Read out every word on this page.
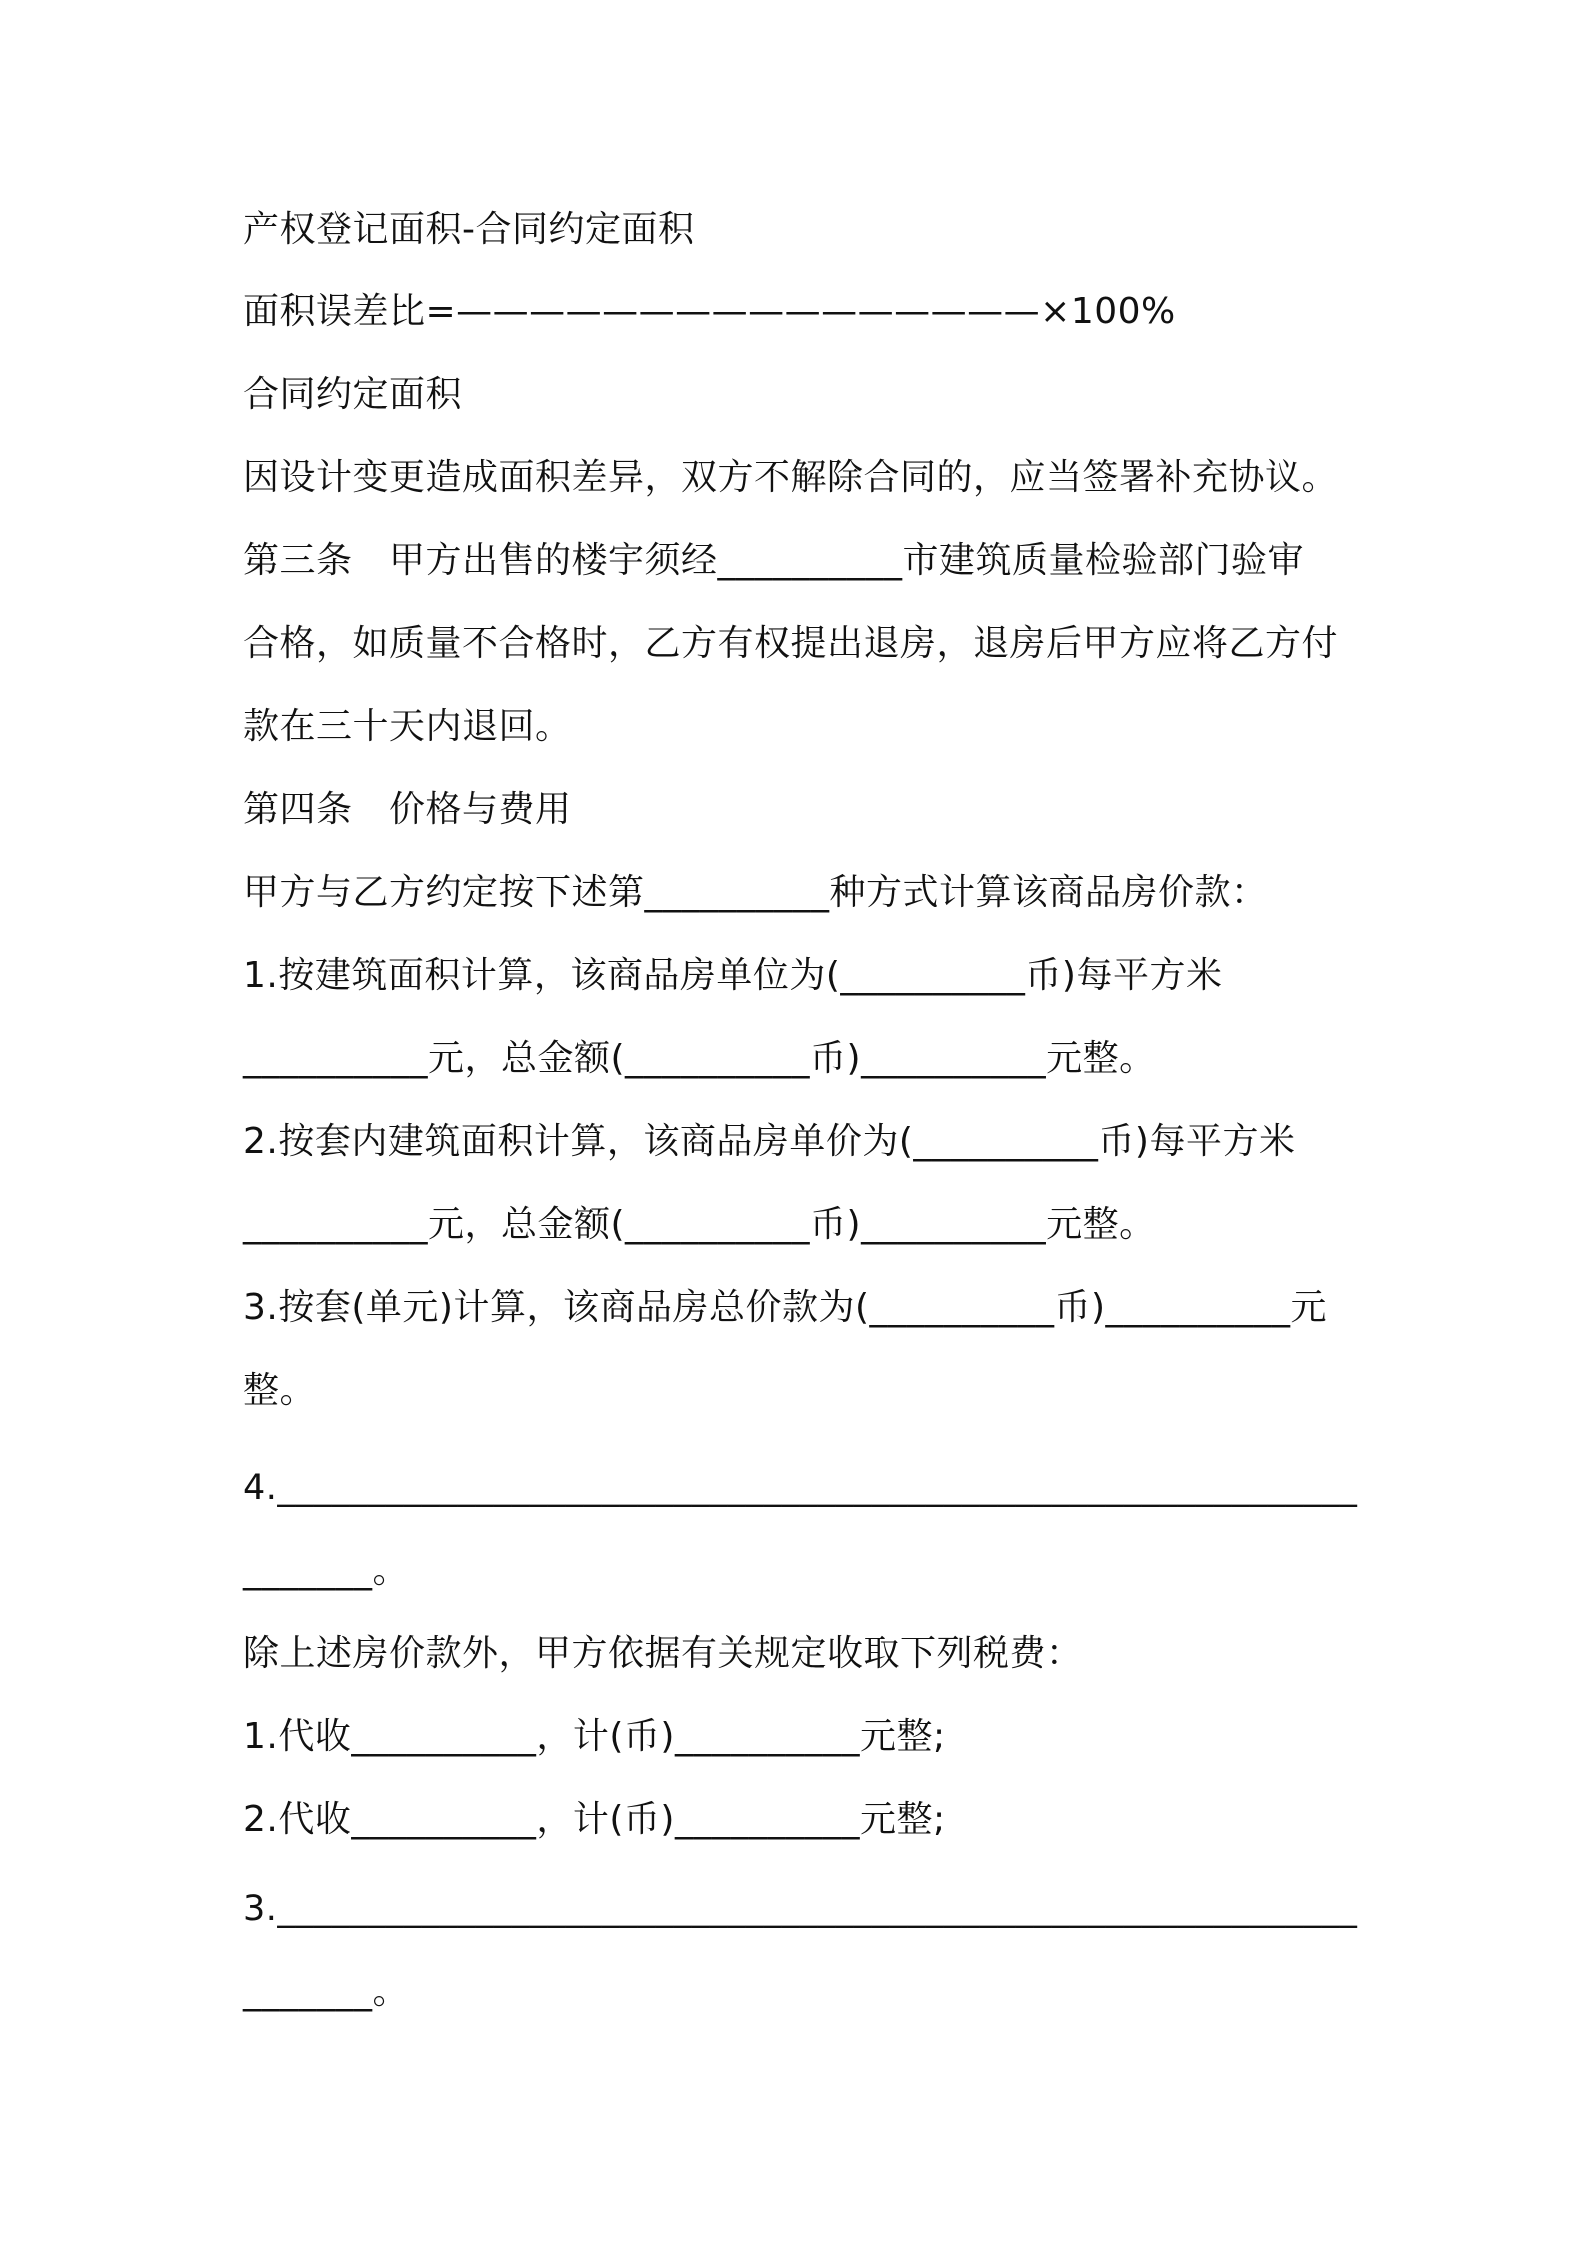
产权登记面积-合同约定面积
面积误差比=————————————————×100%
合同约定面积
因设计变更造成面积差异，双方不解除合同的，应当签署补充协议。
第三条　甲方出售的楼宇须经__________市建筑质量检验部门验审
合格，如质量不合格时，乙方有权提出退房，退房后甲方应将乙方付
款在三十天内退回。
第四条　价格与费用
甲方与乙方约定按下述第__________种方式计算该商品房价款：
1.按建筑面积计算，该商品房单位为(__________币)每平方米
__________元，总金额(__________币)__________元整。
2.按套内建筑面积计算，该商品房单价为(__________币)每平方米
__________元，总金额(__________币)__________元整。
3.按套(单元)计算，该商品房总价款为(__________币)__________元
整。
4.____________________________________________________________
_______。
除上述房价款外，甲方依据有关规定收取下列税费：
1.代收__________，计(币)__________元整;
2.代收__________，计(币)__________元整;
3.____________________________________________________________
_______。
